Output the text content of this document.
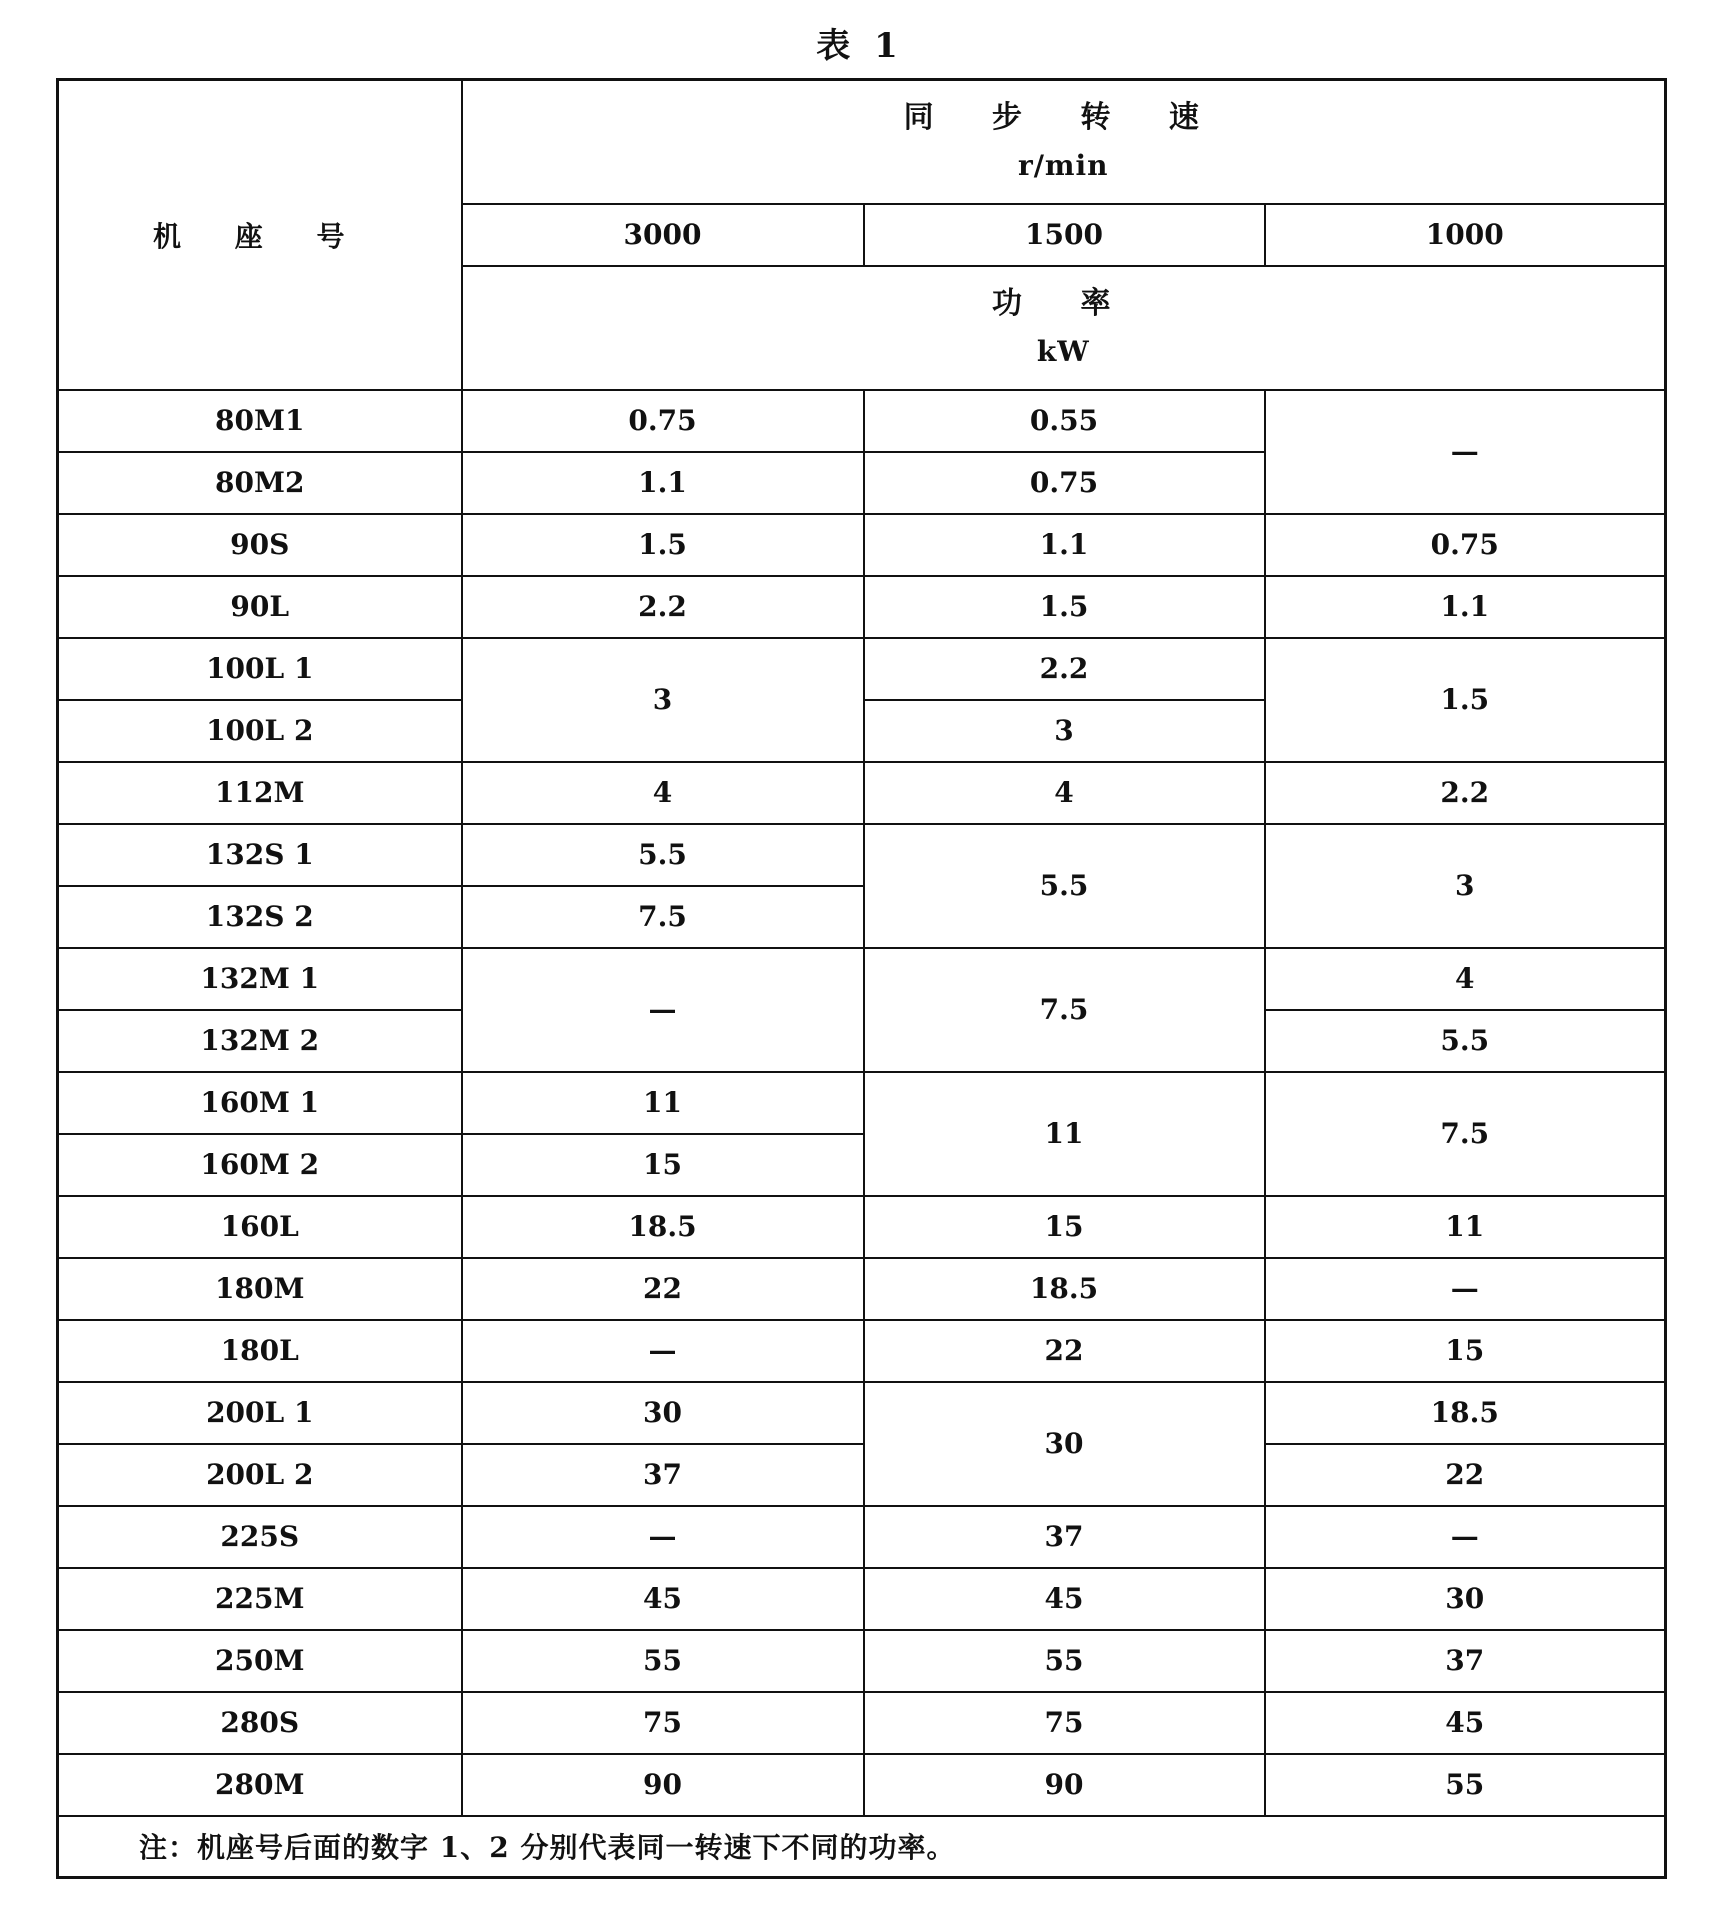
表 1
机 座 号	同 步 转 速
r/min		

	3000	1500	1000

	功 率
kW		

80M1	0.75	0.55	—
80M2	1.1	0.75	
90S	1.5	1.1	0.75
90L	2.2	1.5	1.1
100L 1	3	2.2	1.5
100L 2		3	
112M	4	4	2.2
132S 1	5.5	5.5	3
132S 2	7.5		
132M 1	—	7.5	4
132M 2			5.5
160M 1	11	11	7.5
160M 2	15		
160L	18.5	15	11
180M	22	18.5	—
180L	—	22	15
200L 1	30	30	18.5
200L 2	37		22
225S	—	37	—
225M	45	45	30
250M	55	55	37
280S	75	75	45
280M	90	90	55
注：机座号后面的数字 1、2 分别代表同一转速下不同的功率。			
